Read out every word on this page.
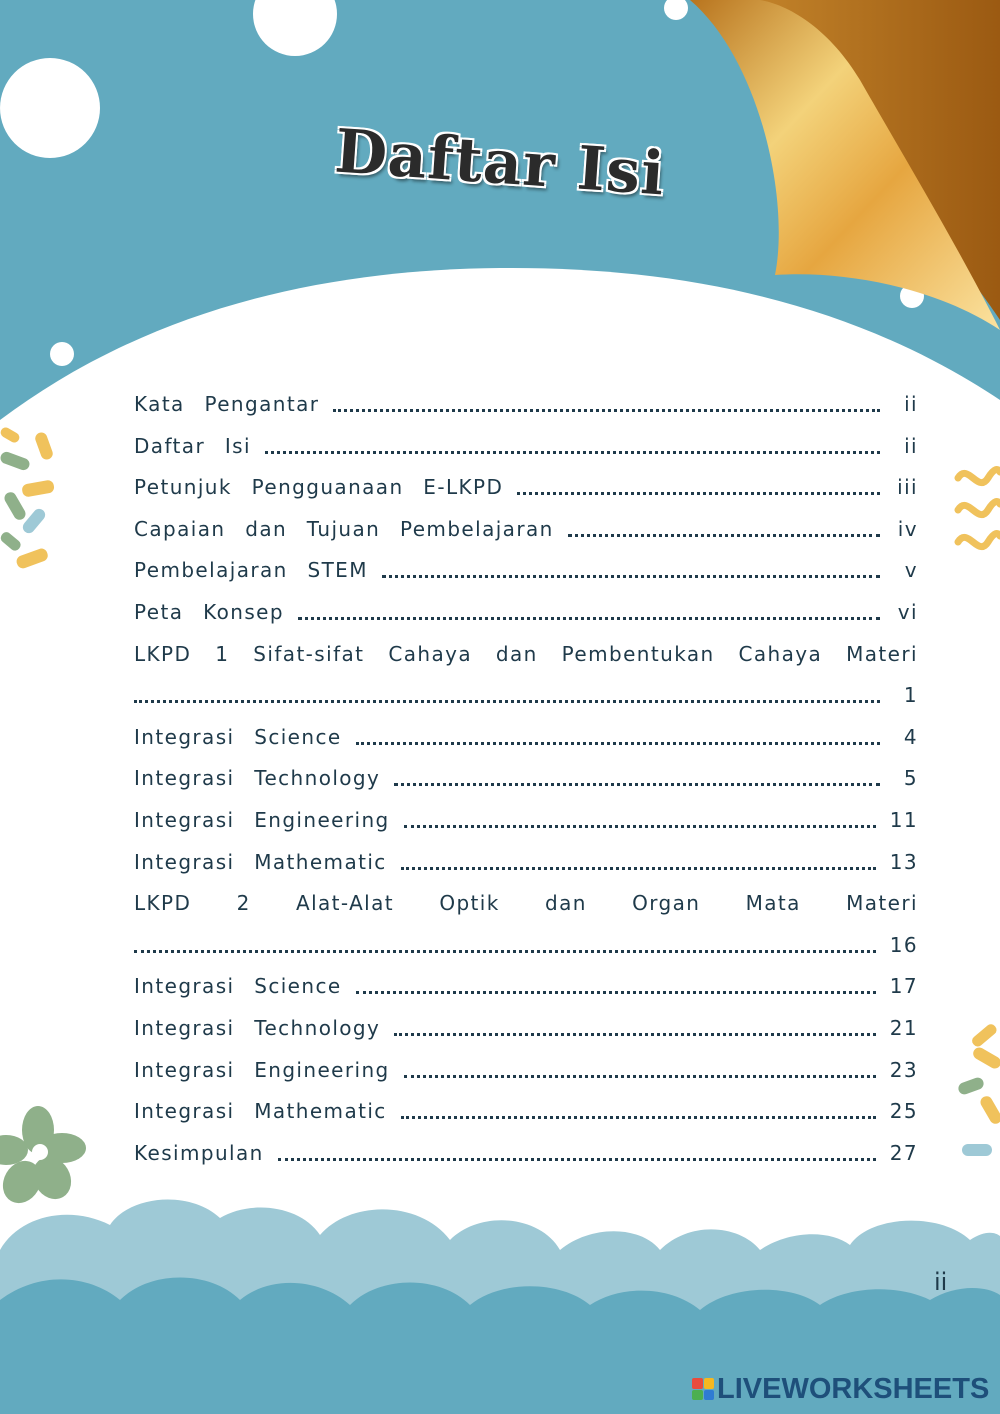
Daftar Isi
Kata Pengantar	ii
Daftar Isi	ii
Petunjuk Pengguanaan E-LKPD	iii
Capaian dan Tujuan Pembelajaran	iv
Pembelajaran STEM	v
Peta Konsep	vi
LKPD 1 Sifat-sifat Cahaya dan Pembentukan Cahaya Materi
1
Integrasi Science	4
Integrasi Technology	5
Integrasi Engineering	11
Integrasi Mathematic	13
LKPD 2 Alat-Alat Optik dan Organ Mata Materi
16
Integrasi Science	17
Integrasi Technology	21
Integrasi Engineering	23
Integrasi Mathematic	25
Kesimpulan	27
ii
LIVEWORKSHEETS
